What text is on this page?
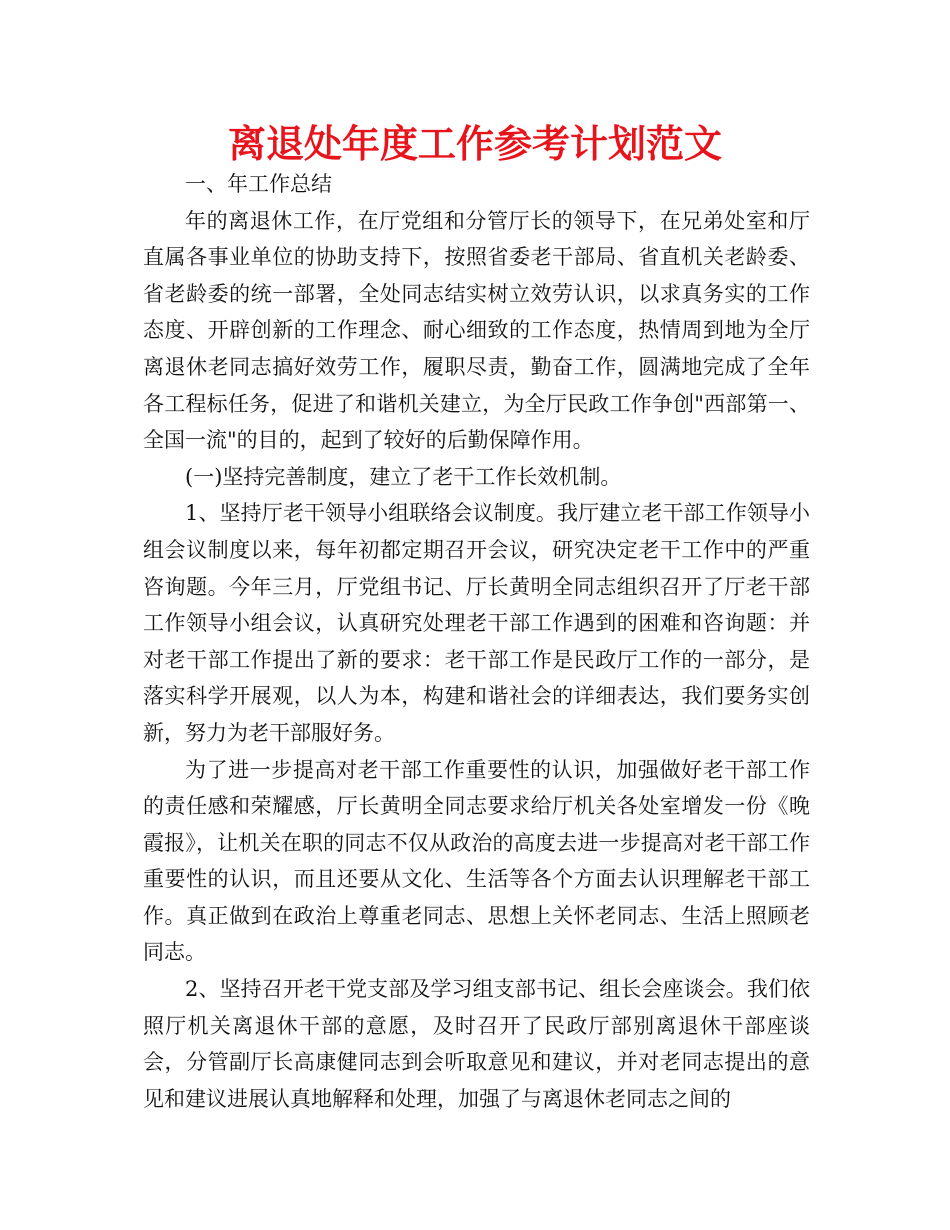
离退处年度工作参考计划范文

一、年工作总结

年的离退休工作，在厅党组和分管厅长的领导下，在兄弟处室和厅直属各事业单位的协助支持下，按照省委老干部局、省直机关老龄委、省老龄委的统一部署，全处同志结实树立效劳认识，以求真务实的工作态度、开辟创新的工作理念、耐心细致的工作态度，热情周到地为全厅离退休老同志搞好效劳工作，履职尽责，勤奋工作，圆满地完成了全年各工程标任务，促进了和谐机关建立，为全厅民政工作争创"西部第一、全国一流"的目的，起到了较好的后勤保障作用。

(一)坚持完善制度，建立了老干工作长效机制。

1、坚持厅老干领导小组联络会议制度。我厅建立老干部工作领导小组会议制度以来，每年初都定期召开会议，研究决定老干工作中的严重咨询题。今年三月，厅党组书记、厅长黄明全同志组织召开了厅老干部工作领导小组会议，认真研究处理老干部工作遇到的困难和咨询题：并对老干部工作提出了新的要求：老干部工作是民政厅工作的一部分，是落实科学开展观，以人为本，构建和谐社会的详细表达，我们要务实创新，努力为老干部服好务。

为了进一步提高对老干部工作重要性的认识，加强做好老干部工作的责任感和荣耀感，厅长黄明全同志要求给厅机关各处室增发一份《晚霞报》，让机关在职的同志不仅从政治的高度去进一步提高对老干部工作重要性的认识，而且还要从文化、生活等各个方面去认识理解老干部工作。真正做到在政治上尊重老同志、思想上关怀老同志、生活上照顾老同志。

2、坚持召开老干党支部及学习组支部书记、组长会座谈会。我们依照厅机关离退休干部的意愿，及时召开了民政厅部别离退休干部座谈会，分管副厅长高康健同志到会听取意见和建议，并对老同志提出的意见和建议进展认真地解释和处理，加强了与离退休老同志之间的
